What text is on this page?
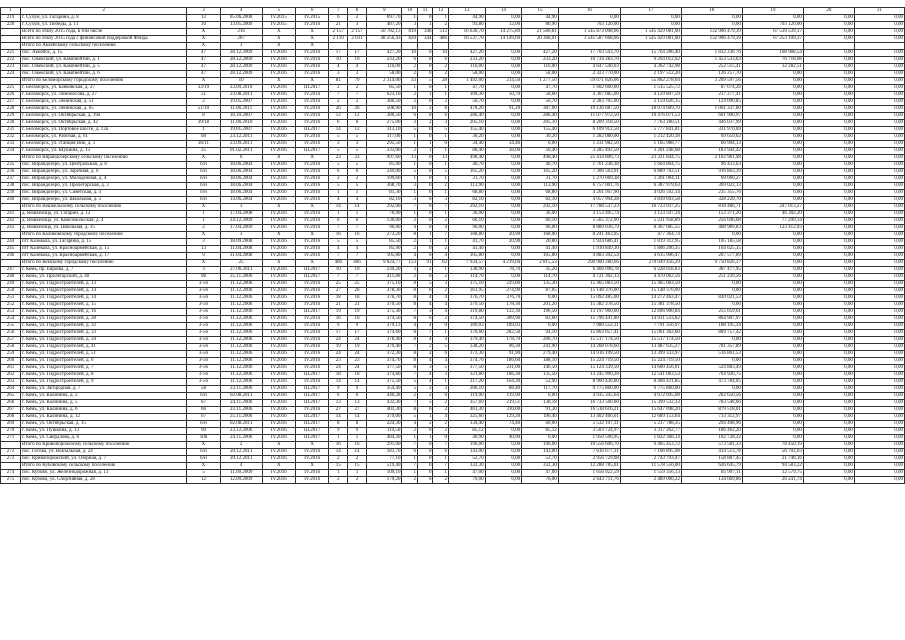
1	2	3	4	5	6	7	8	9	10	11	12	13	14	15	16	17	18	19	20	21
219	г. Сухум, ул. Гагарина, д. 8	12	05.06.2008	IV.2015	IV.2015	6	2	697,70	1	0	1	44,90	0,00	44,90	0,00	0,00	0,00	0,00	0,00	0,00
220	г. Сухум, ул. Победы, д. 11	10	13.05.2009	IV.2015	IV.2016	21	3	487,20	3	1	2	93,80	12,00	80,90	703 120,00	0,00	0,00	703 120,00	0,00	0,00
	Всего по этапу 2015 года, в том числе	X	216	X	X	2 157	2 157	50 782,13	819	346	513	16 636,70	14 275,89	21 560,81	1 545 873 098,66	1 545 429 081,00	132 906 479,39	67 539 539,37	0,00	0,00
	Всего по этапу 2015 года с финансовой поддержкой Фонда	X	207	X	X	2 119	2 031	48 256,43	820	344	486	16 537,70	14 149,69	20 368,01	1 545 587 668,66	1 545 429 081,00	132 906 479,39	67 253 109,37	0,00	0,00
	Итого по Аккейскому сельскому поселению	X	3	X	X															
221	пос. Аккейск, д. 15	47	28.12.2009	IV.2016	IV.2016	17	17	427,20	10	0	10	427,20	0,00	427,20	17 703 593,70	15 764 286,40	1 832 236 76	108 988,54	0,00	0,00
222	пос. Ожекский, ул. Кампнейтин, д. 1	47	28.12.2009	IV.2016	IV.2016	10	10	233,20	6	0	6	233,20	0,00	233,20	10 734 283,70	9 294 012,02	1 453 533,63	76 718,08	0,00	0,00
223	пос. Ожекский, ул. Кампнейтин, д. 5	47	28.12.2009	IV.2016	IV.2016	4	4	116,00	2	0	2	116,00	0,00	116,00	4 647 540,03	4 362 742,98	252 515,41	32 282,51	0,00	0,00
224	пос. Ожекский, ул. Кампнейтин, д. 6	47	28.12.2009	IV.2016	IV.2016	3	3	58,00	2	0	2	58,00	0,00	58,00	2 323 770,00	2 197 512,20	126 257,70	0,00	0,00	0,00
	Итого по Беломорскому городскому поселению	X	10	X	X	81	79	2 314,00	33	5	28	1 492,00	214,50	1 277,50	59 071 826,06	55 862 278,04	3 209 597,56	0,00	0,00	0,00
225	г. Беломорск, ул. Банковская, д. 27	33/19	23.09.2010	IV.2016	III.2017	2	2	85,50	1	0	1	47,70	0,00	47,70	1 602 600,00	1 515 525,72	87 074,28	0,00	0,00	0,00
226	г. Беломорск, ул. Ломоносова, д. 27	51	23.08.2011	IV.2016	IV.2016	7	7	623,10	2	1	1	109,30	50,70	58,60	4 367 085,00	4 129 807,59	237 277,41	0,00	0,00	0,00
227	г. Беломорск, ул. Ленинская, д. 51	2	19.05.2007	IV.2016	IV.2016	2	2	386,50	2	0	2	56,70	0,00	56,70	2 283 705,00	2 159 626,15	124 090,85	0,00	0,00	0,00
228	г. Беломорск, ул. Ленинская, д. 65	51/10	11.06.2011	IV.2016	IV.2016	26	26	508,90	10	2	8	478,20	91,20	387,00	19 136 687,50	18 074 609,70	1 061 337,80	0,00	0,00	0,00
229	г. Беломорск, ул. Октябрьская, д. 19а	8	18.10.2007	IV.2016	IV.2016	12	12	380,50	6	0	6	286,40	0,00	286,40	11 077 972,50	10 476 071,53	601 900,97	0,00	0,00	0,00
230	г. Беломорск, ул. Октябрьская, д. 42	39/18	11.06.2010	IV.2016	IV.2016	6	6	275,00	3	2	3	205,10	0,00	205,10	8 209 318,50	7 763 280,51	446 037,99	0,00	0,00	0,00
231	г. Беломорск, ул. Портовое шоссе, д. 13а	1	19.01.2007	IV.2016	III.2017	14	12	313,10	5	0	5	155,40	0,00	155,40	6 109 912,50	5 777 841,81	331 970,69	0,00	0,00	0,00
232	г. Беломорск, ул. Рабочая, д. 61	68	23.12.2011	IV.2016	IV.2016	5	5	117,00	1	0	1	30,20	0,00	30,20	1 282 080,00	1 212 420,38	69 659,62	0,00	0,00	0,00
233	г. Беломорск, ул. станция Вик, д. 1	36/11	23.09.2011	IV.2016	IV.2016	3	3	295,50	1	1	0	34,40	34,40	0,00	1 231 982,50	1 165 988,77	66 994,13	0,00	0,00	0,00
234	г. Беломорск, ул. Шушина, д. 13	25	01.02.2011	IV.2016	III.2017	5	5	333,00	2	1	1	88,40	38,00	50,40	3 285 492,50	3 201 248,08	183 944,42	0,00	0,00	0,00
	Итого по Вирандозерскому сельскому поселению	X	6	X	X	23	23	997,60	13	0	13	498,40	0,00	498,40	25 414 806,73	23 321 844,75	2 102 961,98	0,00	0,00	0,00
235	пос. Вирандозеро, ул. Центральная, д. 8	б/н	18.06.2004	IV.2016	IV.2016	5	5	85,00	1	0	1	40,70	0,00	40,70	1 761 238,38	1 664 804,75	96 433,63	0,00	0,00	0,00
236	пос. Вирандозеро, ул. Заречная, д. 6	б/н	18.06.2004	IV.2016	IV.2016	6	6	249,00	5	0	5	165,20	0,00	165,20	7 306 563,91	6 889 702,51	916 863,39	0,00	0,00	0,00
237	пос. Вирандозеро, ул. Молодежная, д. 4	б/н	18.06.2004	IV.2016	IV.2016	2	2	199,60	1	0	1	31,70	0,00	31,70	1 270 069,38	1 201 004,11	69 066,27	0,00	0,00	0,00
238	пос. Вирандозеро, ул. Пролетарская, д. 3	б/н	18.06.2004	IV.2016	IV.2016	5	5	368,70	3	0	2	113,90	0,00	113,90	6 757 001,76	6 387 979,63	369 022,13	0,00	0,00	0,00
239	пос. Вирандозеро, ул. Советская, д. 3	б/н	18.06.2004	IV.2016	IV.2016	1	1	81,30	1	0	1	68,80	0,00	68,80	4 261 947,90	4 026 592,14	235 355,76	0,00	0,00	0,00
240	пос. Вирандозеро, ул. Школьная, д. 3	б/н	14.06.2004	IV.2016	IV.2016	4	4	82,10	3	0	3	82,10	0,00	82,10	4 057 994,28	3 839 693,58	328 220,70	0,00	0,00	0,00
	Итого по Вешкельскому сельскому поселению	X	3	X	X	14	14	292,00	7	0	7	292,10	0,00	292,10	17 788 537,23	16 723 037,25	818 486,71	247 013,27	0,00	0,00
241	д. Вешкелица, ул. Гагарин, д. 12	1	17.04.2008	IV.2016	IV.2016	1	1	76,90	1	0	1	36,00	0,00	36,00	3 153 405,74	3 123 597,34	153 371,20	46 302,20	0,00	0,00
242	д. Вешкелица, ул. Комсомольская, д. 4	1	24.12.2009	IV.2016	IV.2016	6	6	130,00	2	0	2	60,10	0,00	60,10	5 565 372,90	5 231 958,89	256 046,68	77 299,14	0,00	0,00
243	д. Вешкелица, ул. Школьная, д. 15	2	17.04.2009	IV.2016	IV.2016	7	7	96,00	4	0	4	96,00	0,00	96,00	8 889 036,79	8 367 685,55	408 989,83	123 412,03	0,00	0,00
	Итого по Каликовскому городскому поселению	X	3	X	X	16	16	273,20	8	1	7	188,80	20,90	168,00	8 241 463,95	477 364,74	0,00	0,00	0,00	0,00
244	пгт Калевала, ул. Гагарина, д. 15	3	18.09.2008	IV.2016	IV.2016	5	5	85,50	2	1	1	41,70	20,90	20,80	1 924 686,41	1 819 312,95	105 185,58	0,00	0,00	0,00
245	пгт Калевала, ул. Красноармейская, д. 15	13	11.04.2008	IV.2016	IV.2016	4	4	85,90	2	0	2	41,40	0,00	41,40	1 910 849,30	1 806 206,35	104 625,35	0,00	0,00	0,00
246	пгт Калевала, ул. Красноармейская, д. 17	9	31.04.2008	IV.2016	IV.2016	7	7	105,80	4	0	4	105,80	0,00	105,80	4 883 392,54	4 615 906,47	267 577,89	0,00	0,00	0,00
	Итого по Кемскому городскому поселению	X	25	X	X	406	406	9 024,77	153	91	62	7 934,57	4 219,04	2 815,53	290 900 280,66	270 049 456,29	9 750 826,37	0,00	0,00	0,00
247	г. Кемь, пр. Европы, д. 7	3	27.06.2011	IV.2016	III.2017	10	10	239,20	3	2	1	138,90	78,70	35,20	6 466 096,78	6 228 618,83	387 477,95	0,00	0,00	0,00
248	г. Кемь, ул. Пролетарский, д. 40	98	25.11.2006	IV.2016	III.2017	7	7	411,80	2	0	2	114,70	0,00	114,70	4 721 302,33	4 470 062,56	251 239,56	0,00	0,00	0,00
249	г. Кемь, ул. Гидростроителей, д. 13	3-56	11.12.2006	IV.2016	IV.2016	25	25	375,10	8	5	3	375,10	239,80	135,30	15 465 083,50	15 465 083,50	0,00	0,00	0,00	0,00
250	г. Кемь, ул. Гидростроителей, д. 14	3-56	11.12.2006	IV.2016	IV.2016	27	26	378,30	8	6	2	361,95	274,90	87,05	15 148 376,00	15 148 376,00	0,00	0,00	0,00	0,00
251	г. Кемь, ул. Гидростроителей, д. 14	3-56	11.12.2006	IV.2016	IV.2016	18	18	376,70	8	4	4	376,70	376,70	0,00	15 092 485,00	14 272 463,47	820 021,53	0,00	0,00	0,00
252	г. Кемь, ул. Гидростроителей, д. 15	3-56	11.12.2006	IV.2016	IV.2016	21	21	379,50	8	4	4	379,50	178,30	201,20	15 382 378,50	15 381 378,50	0,00	0,00	0,00	0,00
253	г. Кемь, ул. Гидростроителей, д. 16	3-56	11.12.2006	IV.2016	III.2017	19	19	375,30	7	3	4	319,80	122,30	196,50	13 197 960,00	12 896 900,84	255 059,61	0,00	0,00	0,00
254	г. Кемь, ул. Гидростроителей, д. 28	3-56	11.12.2006	IV.2016	IV.2016	16	16	374,50	8	6	2	374,50	289,90	83,60	15 796 441,80	14 931 533,82	864 907,97	0,00	0,00	0,00
255	г. Кемь, ул. Гидростроителей, д. 32	3-56	11.12.2006	IV.2016	IV.2016	9	9	379,13	4	4	0	189,03	189,03	0,00	7 980 552,31	7 791 356,97	188 195,34	0,00	0,00	0,00
256	г. Кемь, ул. Гидростроителей, д. 33	3-56	11.12.2006	IV.2016	IV.2016	17	17	374,60	8	7	1	376,60	282,50	94,10	15 863 057,41	15 061 362,60	889 757,42	0,00	0,00	0,00
257	г. Кемь, ул. Гидростроителей, д. 34	3-56	11.12.2006	IV.2016	IV.2016	24	24	378,40	8	4	4	379,40	178,70	200,70	15 517 174,50	15 517 174,50	0,00	0,00	0,00	0,00
258	г. Кемь, ул. Гидростроителей, д. 41	3-56	11.12.2006	IV.2016	IV.2016	19	19	379,40	7	2	5	338,20	96,30	241,90	14 268 078,60	13 487 635,27	781 357,89	0,00	0,00	0,00
259	г. Кемь, ул. Гидростроителей, д. 51	3-56	11.12.2006	IV.2016	IV.2016	24	24	372,30	8	2	6	373,30	91,90	279,40	14 916 199,50	13 399 333,97	516 861,53	0,00	0,00	0,00
260	г. Кемь, ул. Гидростроителей, д. 6	3-56	11.12.2006	IV.2016	IV.2016	23	23	374,70	8	4	4	374,70	186,60	188,10	15 224 719,50	15 224 719,50	0,00	0,00	0,00	0,00
261	г. Кемь, ул. Гидростроителей, д. 7	3-56	11.12.2006	IV.2016	IV.2016	24	24	377,50	8	3	5	377,50	231,00	146,50	15 124 339,50	14 600 456,01	524 883,49	0,00	0,00	0,00
262	г. Кемь, ул. Гидростроителей, д. 8	3-56	11.12.2006	IV.2016	III.2017	18	18	374,80	7	4	3	321,80	186,30	135,50	13 245 990,28	12 541 063,53	704 926,75	0,00	0,00	0,00
263	г. Кемь, ул. Гидростроителей, д. 9	3-56	11.12.2006	IV.2016	IV.2016	14	14	375,50	5	4	1	217,20	164,30	52,90	8 960 436,00	8 466 431,85	473 784,05	0,00	0,00	0,00
264	г. Кемь, ул. Загородная, д. 7	58	23.11.2006	IV.2016	III.2017	9	9	354,40	5	2	3	206,10	88,40	117,70	9 775 860,00	9 775 860,00	0,00	0,00	0,00	0,00
265	г. Кемь, ул. Калинина, д. 2	б/н	02.08.2011	IV.2016	III.2017	6	6	440,28	2	2	0	119,90	119,90	0,00	4 935 345,64	4 672 695,08	262 650,56	0,00	0,00	0,00
266	г. Кемь, ул. Калинина, д. 5	67	24.11.2006	IV.2016	III.2017	13	13	432,30	7	5	2	357,69	219,51	138,18	16 733 500,00	15 399 532,33	783 548,66	0,00	0,00	0,00
267	г. Кемь, ул. Калинина, д. 6	66	23.11.2006	IV.2016	IV.2016	27	27	401,30	8	6	2	401,30	310,00	91,30	16 518 616,21	15 647 098,20	879 518,01	0,00	0,00	0,00
268	г. Кемь, ул. Калинина, д. 12	67	25.11.2006	IV.2016	III.2017	14	14	379,00	5	1	4	325,60	129,20	196,40	13 402 466,61	12 689 153,64	713 312,97	0,00	0,00	0,00
269	г. Кемь, ул. Октябрьская, д. 15	б/н	02.08.2011	IV.2016	III.2017	8	8	224,30	4	2	2	134,40	74,40	60,00	5 532 197,31	5 237 788,35	294 408,96	0,00	0,00	0,00
270	г. Кемь, ул. Пушкина, д. 13	99	23.12.2006	IV.2016	III.2017	9	9	119,50	2	0	2	85,12	0,00	85,12	3 503 724,97	3 317 262,77	186 462,20	0,00	0,00	0,00
271	г. Кемь, ул. Свердлова, д. 6	106	24.11.2006	IV.2016	III.2017	1	1	484,30	1	1	0	40,90	40,90	0,00	1 950 596,95	1 822 368,14	102 728,32	0,00	0,00	0,00
	Итого по Кривопорожскому сельскому поселению	X	2	X	X	16	16	291,00	7	0	7	196,00	0,00	196,00	10 556 606,70	9 405 453,72	573 581,33	78 450,19	0,00	0,00
272	пос. Гесова, ул. Вокзальная, д. 24	б/н	20.12.2011	IV.2016	IV.2016	14	14	183,70	6	0	6	143,00	0,00	143,00	7 616 677,31	7 166 895,98	414 513,78	56 702,03	0,00	0,00
273	пос. Кривопорожский, ул. Озерная, д. 7	б/н	20.12.2011	IV.2016	IV.2016	2	2	77,10	1	0	1	52,70	0,00	52,70	2 956 729,08	2 743 793,47	158 887,45	21 748,16	0,00	0,00
	Итого по Кубовскому сельскому поселению	X	4	X	X	15	15	519,40	7	0	7	332,30	0,00	332,30	12 288 785,01	11 578 556,00	626 645,79	94 583,22	0,00	0,00
274	пос. Кубово, ул. Железнодорожная, д. 13	5	11.09.2009	IV.2016	IV.2016	1	1	109,10	1	0	1	47,00	0,00	47,00	1 656 922,59	1 559 356,13	85 997,11	12 579,75	0,00	0,00
275	пос. Кубово, ул. Спортивная, д. 28	12	12.09.2009	IV.2016	IV.2016	2	2	179,20	2	0	2	76,00	0,00	76,00	2 643 711,76	2 489 000,22	134 669,86	20 241,74	0,00	0,00
